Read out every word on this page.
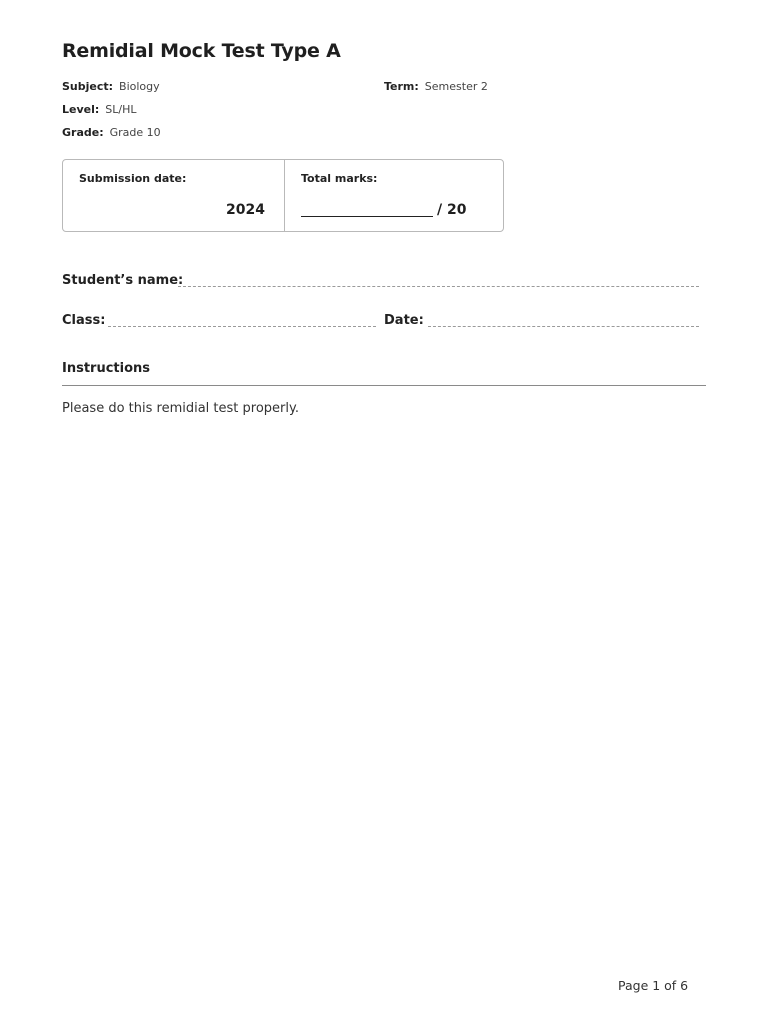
Remidial Mock Test Type A
Subject: Biology	Term: Semester 2
Level: SL/HL
Grade: Grade 10
Submission date:
2024
Total marks:
/ 20
Student’s name:
Class:	Date:
Instructions
Please do this remidial test properly.
Page 1 of 6
